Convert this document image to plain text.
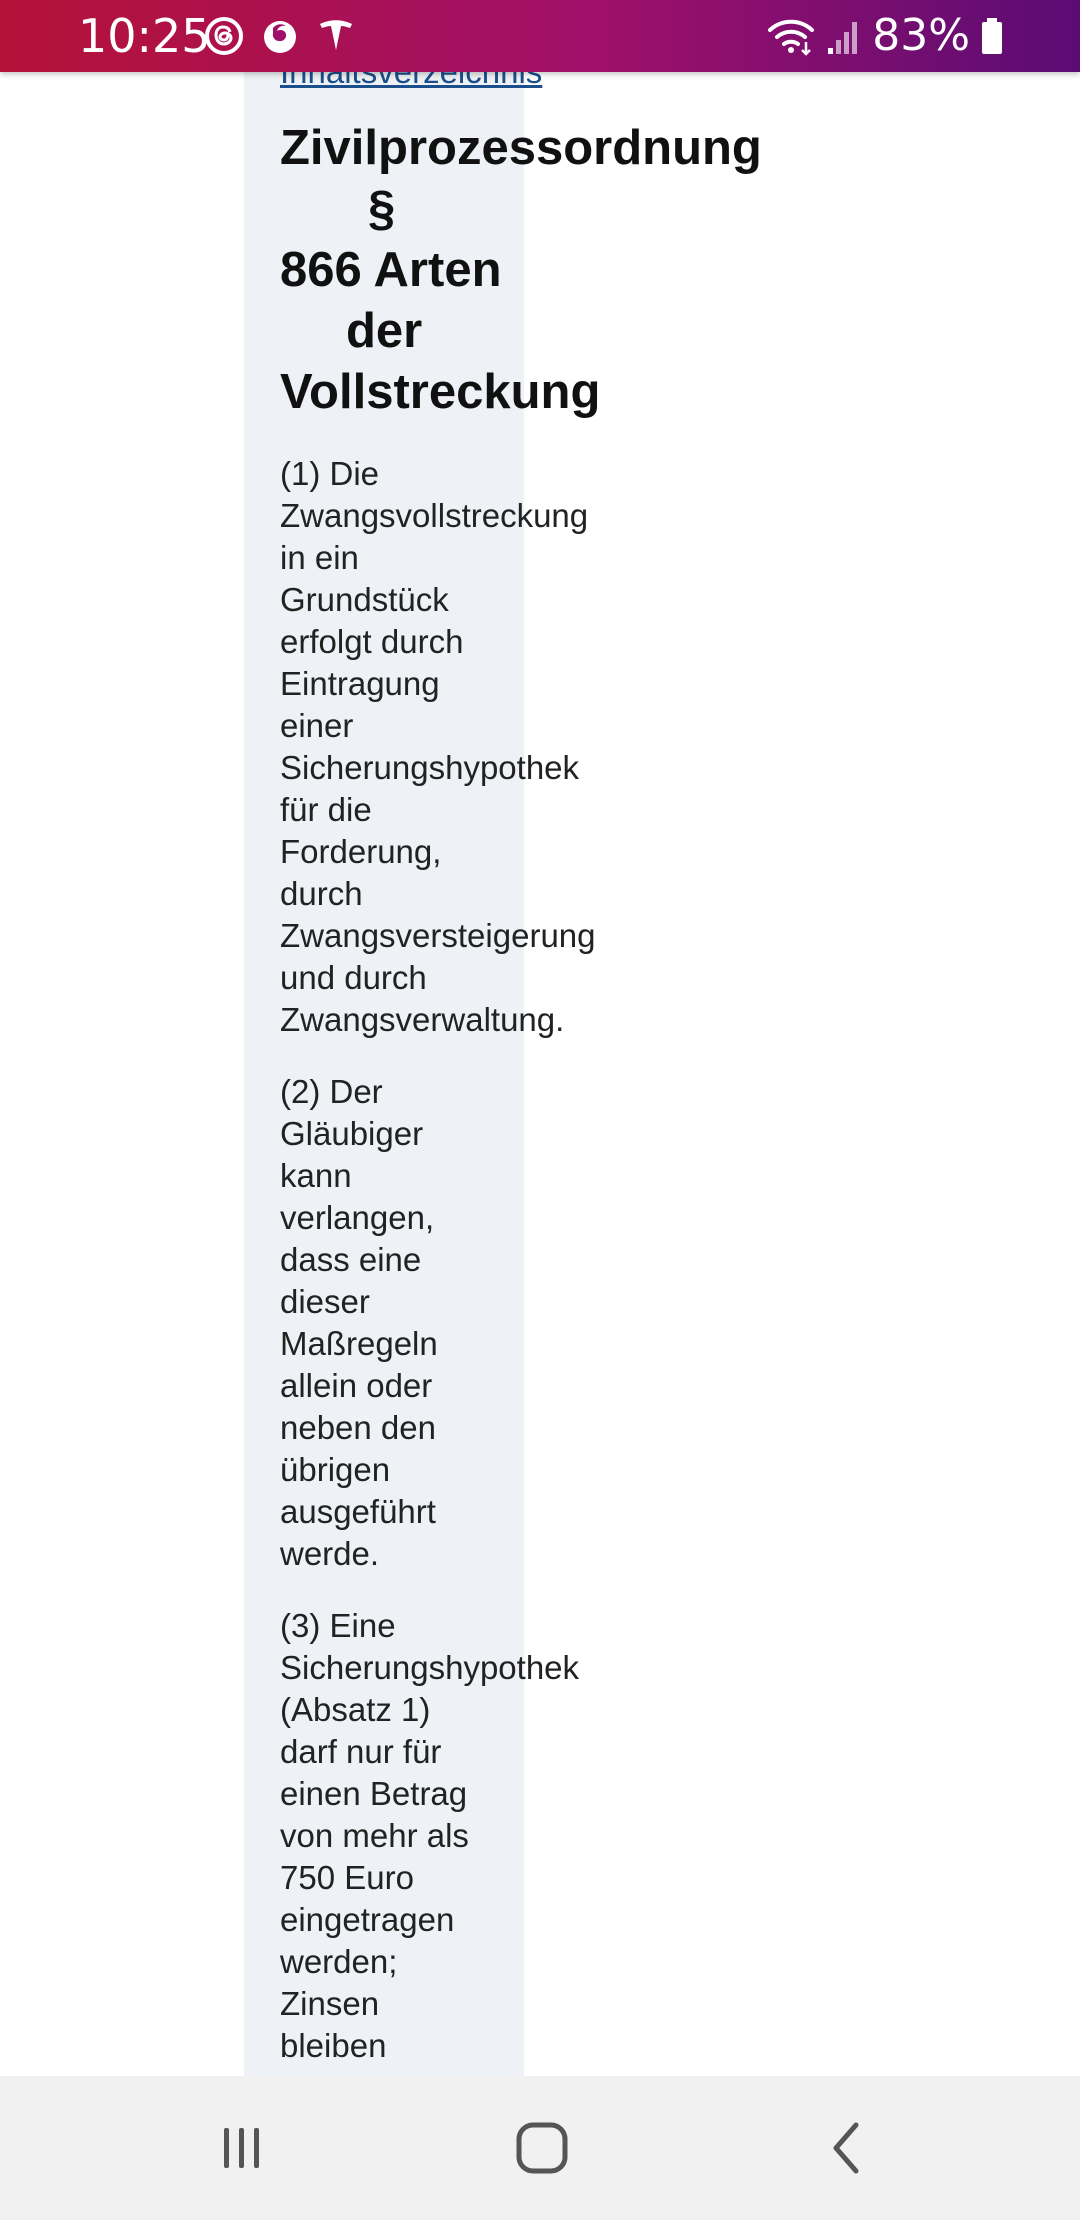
10:25	83%
Zivilprozessordnung
§
866 Arten
der
Vollstreckung
(1) Die
Zwangsvollstreckung
in ein
Grundstück
erfolgt durch
Eintragung
einer
Sicherungshypothek
für die
Forderung,
durch
Zwangsversteigerung
und durch
Zwangsverwaltung.
(2) Der
Gläubiger
kann
verlangen,
dass eine
dieser
Maßregeln
allein oder
neben den
übrigen
ausgeführt
werde.
(3) Eine
Sicherungshypothek
(Absatz 1)
darf nur für
einen Betrag
von mehr als
750 Euro
eingetragen
werden;
Zinsen
bleiben
